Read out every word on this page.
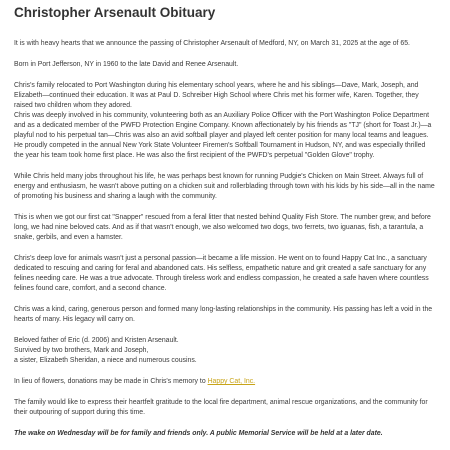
Christopher Arsenault Obituary

It is with heavy hearts that we announce the passing of Christopher Arsenault of Medford, NY, on March 31, 2025 at the age of 65.

Born in Port Jefferson, NY in 1960 to the late David and Renee Arsenault.

Chris's family relocated to Port Washington during his elementary school years, where he and his siblings—Dave, Mark, Joseph, and Elizabeth—continued their education. It was at Paul D. Schreiber High School where Chris met his former wife, Karen. Together, they raised two children whom they adored.

Chris was deeply involved in his community, volunteering both as an Auxiliary Police Officer with the Port Washington Police Department and as a dedicated member of the PWFD Protection Engine Company. Known affectionately by his friends as "TJ" (short for Toast Jr.)—a playful nod to his perpetual tan—Chris was also an avid softball player and played left center position for many local teams and leagues. He proudly competed in the annual New York State Volunteer Firemen's Softball Tournament in Hudson, NY, and was especially thrilled the year his team took home first place. He was also the first recipient of the PWFD's perpetual "Golden Glove" trophy.

While Chris held many jobs throughout his life, he was perhaps best known for running Pudgie's Chicken on Main Street. Always full of energy and enthusiasm, he wasn't above putting on a chicken suit and rollerblading through town with his kids by his side—all in the name of promoting his business and sharing a laugh with the community.

This is when we got our first cat "Snapper" rescued from a feral litter that nested behind Quality Fish Store. The number grew, and before long, we had nine beloved cats. And as if that wasn't enough, we also welcomed two dogs, two ferrets, two iguanas, fish, a tarantula, a snake, gerbils, and even a hamster.

Chris's deep love for animals wasn't just a personal passion—it became a life mission. He went on to found Happy Cat Inc., a sanctuary dedicated to rescuing and caring for feral and abandoned cats. His selfless, empathetic nature and grit created a safe sanctuary for any felines needing care. He was a true advocate. Through tireless work and endless compassion, he created a safe haven where countless felines found care, comfort, and a second chance.

Chris was a kind, caring, generous person and formed many long-lasting relationships in the community. His passing has left a void in the hearts of many. His legacy will carry on.

Beloved father of Eric (d. 2006) and Kristen Arsenault.

Survived by two brothers, Mark and Joseph,

a sister, Elizabeth Sheridan, a niece and numerous cousins.

In lieu of flowers, donations may be made in Chris's memory to Happy Cat, Inc.

The family would like to express their heartfelt gratitude to the local fire department, animal rescue organizations, and the community for their outpouring of support during this time.

The wake on Wednesday will be for family and friends only. A public Memorial Service will be held at a later date.
